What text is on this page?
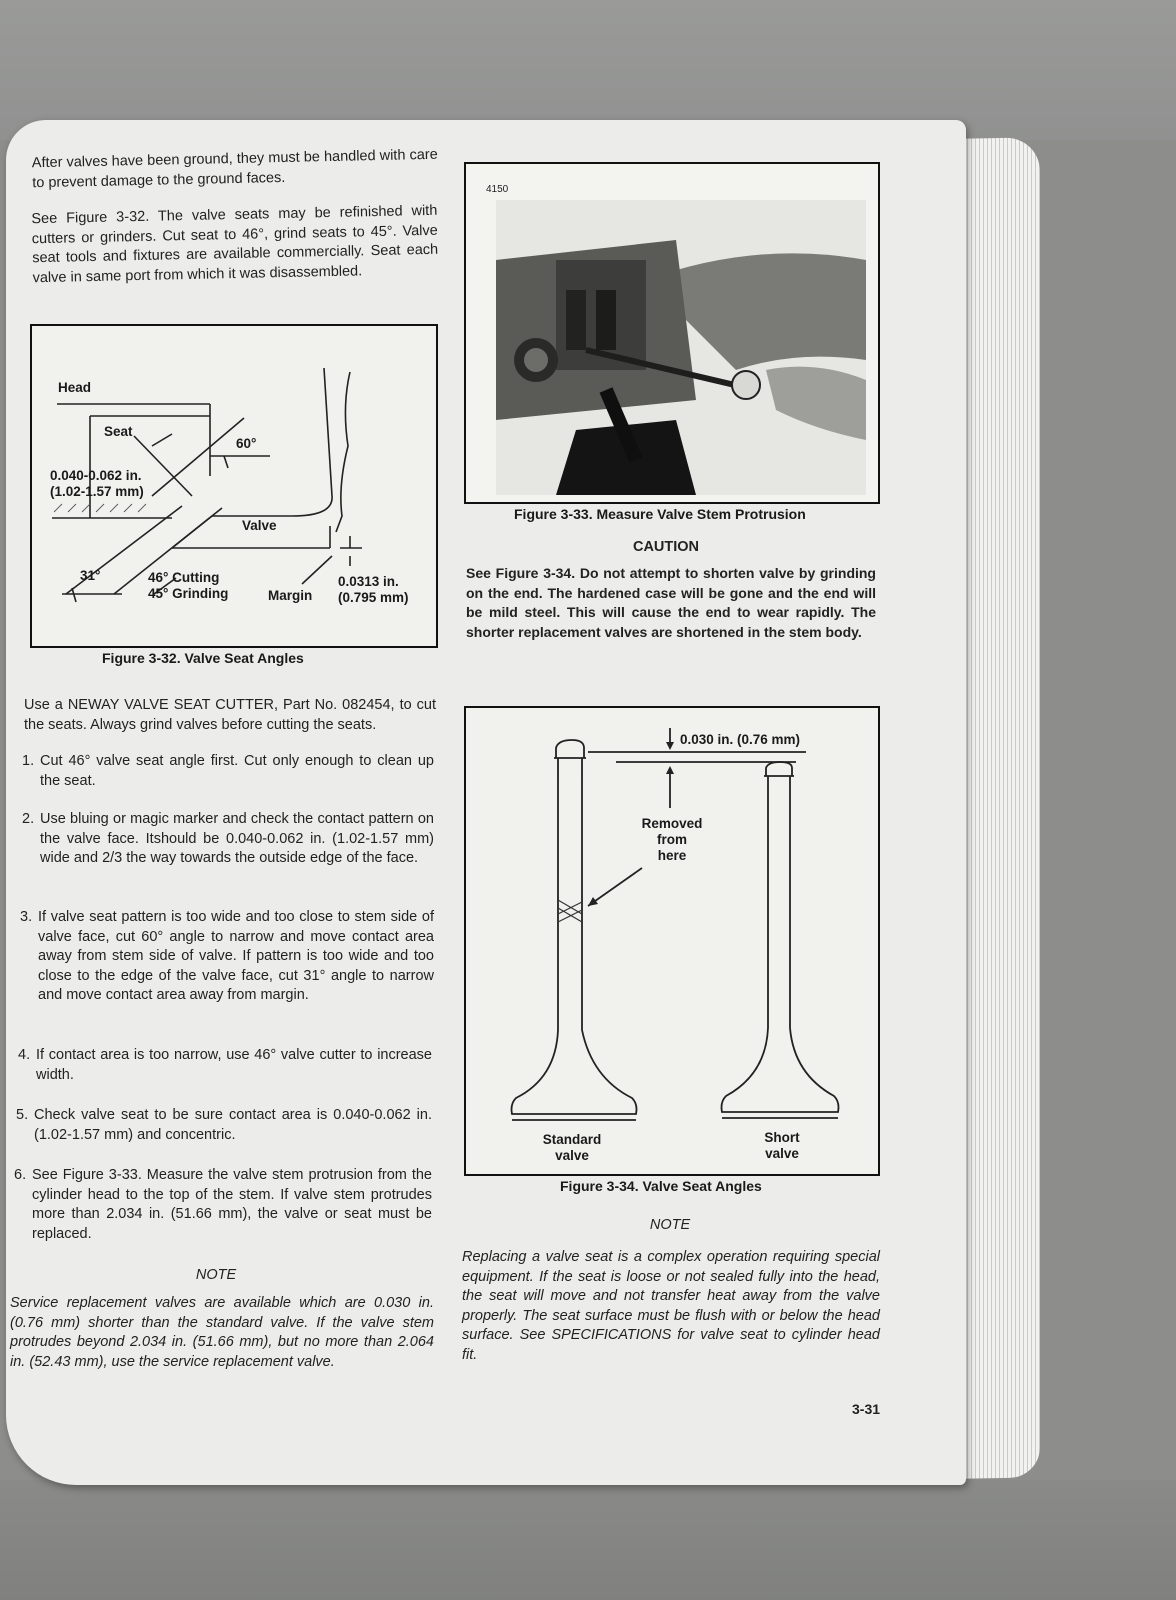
After valves have been ground, they must be handled with care to prevent damage to the ground faces.
See Figure 3-32. The valve seats may be refinished with cutters or grinders. Cut seat to 46°, grind seats to 45°. Valve seat tools and fixtures are available commercially. Seat each valve in same port from which it was disassembled.
Head
Seat
60°
0.040-0.062 in.
(1.02-1.57 mm)
Valve
31°	46° Cutting
45° Grinding	Margin
0.0313 in.
(0.795 mm)
Figure 3-32. Valve Seat Angles
Use a NEWAY VALVE SEAT CUTTER, Part No. 082454, to cut the seats. Always grind valves before cutting the seats.
1. Cut 46° valve seat angle first. Cut only enough to clean up the seat.
2. Use bluing or magic marker and check the contact pattern on the valve face. Itshould be 0.040-0.062 in. (1.02-1.57 mm) wide and 2/3 the way towards the outside edge of the face.
3. If valve seat pattern is too wide and too close to stem side of valve face, cut 60° angle to narrow and move contact area away from stem side of valve. If pattern is too wide and too close to the edge of the valve face, cut 31° angle to narrow and move contact area away from margin.
4. If contact area is too narrow, use 46° valve cutter to increase width.
5. Check valve seat to be sure contact area is 0.040-0.062 in.(1.02-1.57 mm) and concentric.
6. See Figure 3-33. Measure the valve stem protrusion from the cylinder head to the top of the stem. If valve stem protrudes more than 2.034 in. (51.66 mm), the valve or seat must be replaced.
NOTE
Service replacement valves are available which are 0.030 in. (0.76 mm) shorter than the standard valve. If the valve stem protrudes beyond 2.034 in. (51.66 mm), but no more than 2.064 in. (52.43 mm), use the service replacement valve.
4150
Figure 3-33. Measure Valve Stem Protrusion
CAUTION
See Figure 3-34. Do not attempt to shorten valve by grinding on the end. The hardened case will be gone and the end will be mild steel. This will cause the end to wear rapidly. The shorter replacement valves are shortened in the stem body.
0.030 in. (0.76 mm)
Removed
from
here
Standard
valve
Short
valve
Figure 3-34. Valve Seat Angles
NOTE
Replacing a valve seat is a complex operation requiring special equipment. If the seat is loose or not sealed fully into the head, the seat will move and not transfer heat away from the valve properly. The seat surface must be flush with or below the head surface. See SPECIFICATIONS for valve seat to cylinder head fit.
3-31
